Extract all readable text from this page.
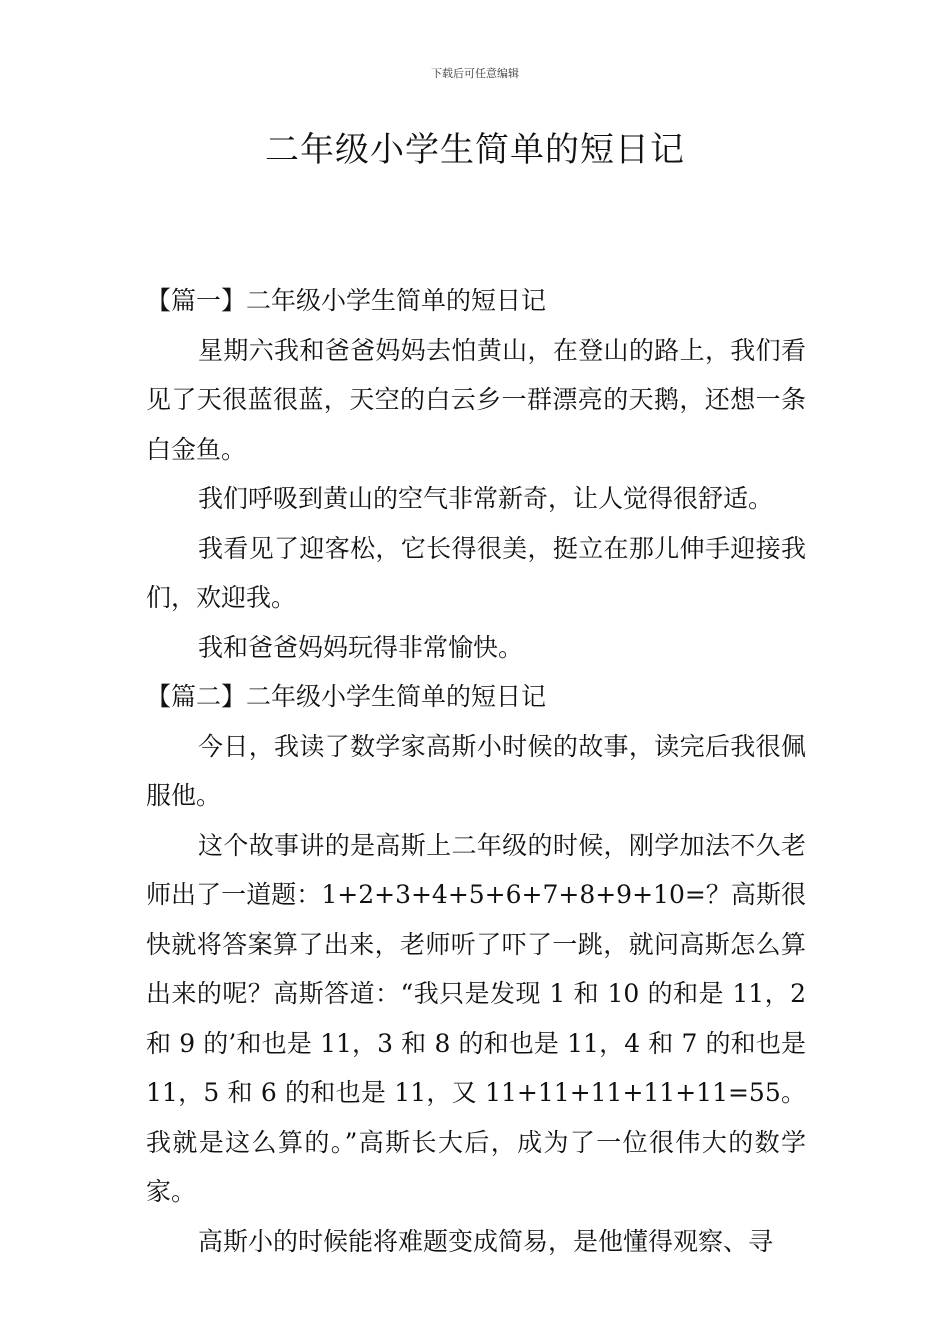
下载后可任意编辑
二年级小学生简单的短日记

【篇一】二年级小学生简单的短日记

星期六我和爸爸妈妈去怕黄山，在登山的路上，我们看见了天很蓝很蓝，天空的白云乡一群漂亮的天鹅，还想一条白金鱼。

我们呼吸到黄山的空气非常新奇，让人觉得很舒适。

我看见了迎客松，它长得很美，挺立在那儿伸手迎接我们，欢迎我。

我和爸爸妈妈玩得非常愉快。

【篇二】二年级小学生简单的短日记

今日，我读了数学家高斯小时候的故事，读完后我很佩服他。

这个故事讲的是高斯上二年级的时候，刚学加法不久老师出了一道题：1+2+3+4+5+6+7+8+9+10=？高斯很快就将答案算了出来，老师听了吓了一跳，就问高斯怎么算出来的呢？高斯答道：“我只是发现 1 和 10 的和是 11，2 和 9 的’和也是 11，3 和 8 的和也是 11，4 和 7 的和也是 11，5 和 6 的和也是 11，又 11+11+11+11+11=55。我就是这么算的。”高斯长大后，成为了一位很伟大的数学家。

高斯小的时候能将难题变成简易，是他懂得观察、寻
